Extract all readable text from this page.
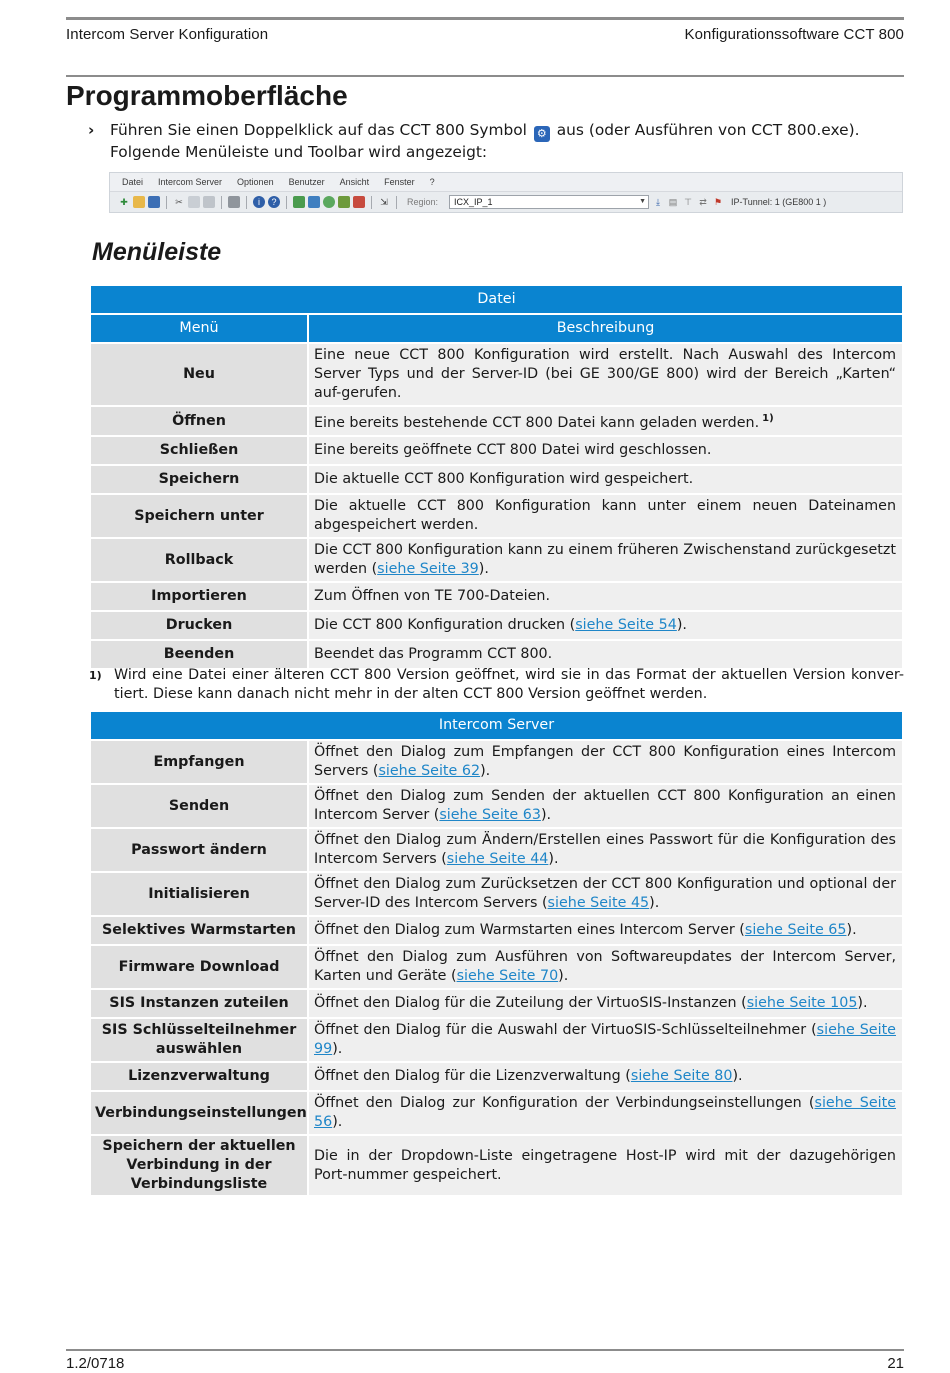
Intercom Server Konfiguration	Konfigurationssoftware CCT 800
Programmoberfläche
›	Führen Sie einen Doppelklick auf das CCT 800 Symbol ⚙ aus (oder Ausführen von CCT 800.exe).
Folgende Menüleiste und Toolbar wird angezeigt:

Datei Intercom Server Optionen Benutzer Ansicht Fenster ?
✚	✂	i	?	⇲ Region:	ICX_IP_1	▼	⤓ ▤ ⊤ ⇄ ⚑ IP-Tunnel: 1 (GE800 1 )
Menüleiste
Datei	
Menü	Beschreibung
Neu	Eine neue CCT 800 Konfiguration wird erstellt. Nach Auswahl des Intercom Server Typs und der Server-ID (bei GE 300/GE 800) wird der Bereich „Karten“ auf-gerufen.
Öffnen	Eine bereits bestehende CCT 800 Datei kann geladen werden. $^{1)}$
Schließen	Eine bereits geöffnete CCT 800 Datei wird geschlossen.
Speichern	Die aktuelle CCT 800 Konfiguration wird gespeichert.
Speichern unter	Die aktuelle CCT 800 Konfiguration kann unter einem neuen Dateinamen abgespeichert werden.
Rollback	Die CCT 800 Konfiguration kann zu einem früheren Zwischenstand zurückgesetzt werden (siehe Seite 39).
Importieren	Zum Öffnen von TE 700-Dateien.
Drucken	Die CCT 800 Konfiguration drucken (siehe Seite 54).
Beenden	Beendet das Programm CCT 800.
1) Wird eine Datei einer älteren CCT 800 Version geöffnet, wird sie in das Format der aktuellen Version konver-tiert. Diese kann danach nicht mehr in der alten CCT 800 Version geöffnet werden.

Intercom Server	
Empfangen	Öffnet den Dialog zum Empfangen der CCT 800 Konfiguration eines Intercom Servers (siehe Seite 62).
Senden	Öffnet den Dialog zum Senden der aktuellen CCT 800 Konfiguration an einen Intercom Server (siehe Seite 63).
Passwort ändern	Öffnet den Dialog zum Ändern/Erstellen eines Passwort für die Konfiguration des Intercom Servers (siehe Seite 44).
Initialisieren	Öffnet den Dialog zum Zurücksetzen der CCT 800 Konfiguration und optional der Server-ID des Intercom Servers (siehe Seite 45).
Selektives Warmstarten	Öffnet den Dialog zum Warmstarten eines Intercom Server (siehe Seite 65).
Firmware Download	Öffnet den Dialog zum Ausführen von Softwareupdates der Intercom Server, Karten und Geräte (siehe Seite 70).
SIS Instanzen zuteilen	Öffnet den Dialog für die Zuteilung der VirtuoSIS-Instanzen (siehe Seite 105).
SIS Schlüsselteilnehmer auswählen	Öffnet den Dialog für die Auswahl der VirtuoSIS-Schlüsselteilnehmer (siehe Seite 99).
Lizenzverwaltung	Öffnet den Dialog für die Lizenzverwaltung (siehe Seite 80).
Verbindungseinstellungen	Öffnet den Dialog zur Konfiguration der Verbindungseinstellungen (siehe Seite 56).
Speichern der aktuellen Verbindung in der Verbindungsliste	Die in der Dropdown-Liste eingetragene Host-IP wird mit der dazugehörigen Port-nummer gespeichert.
1.2/0718	21
